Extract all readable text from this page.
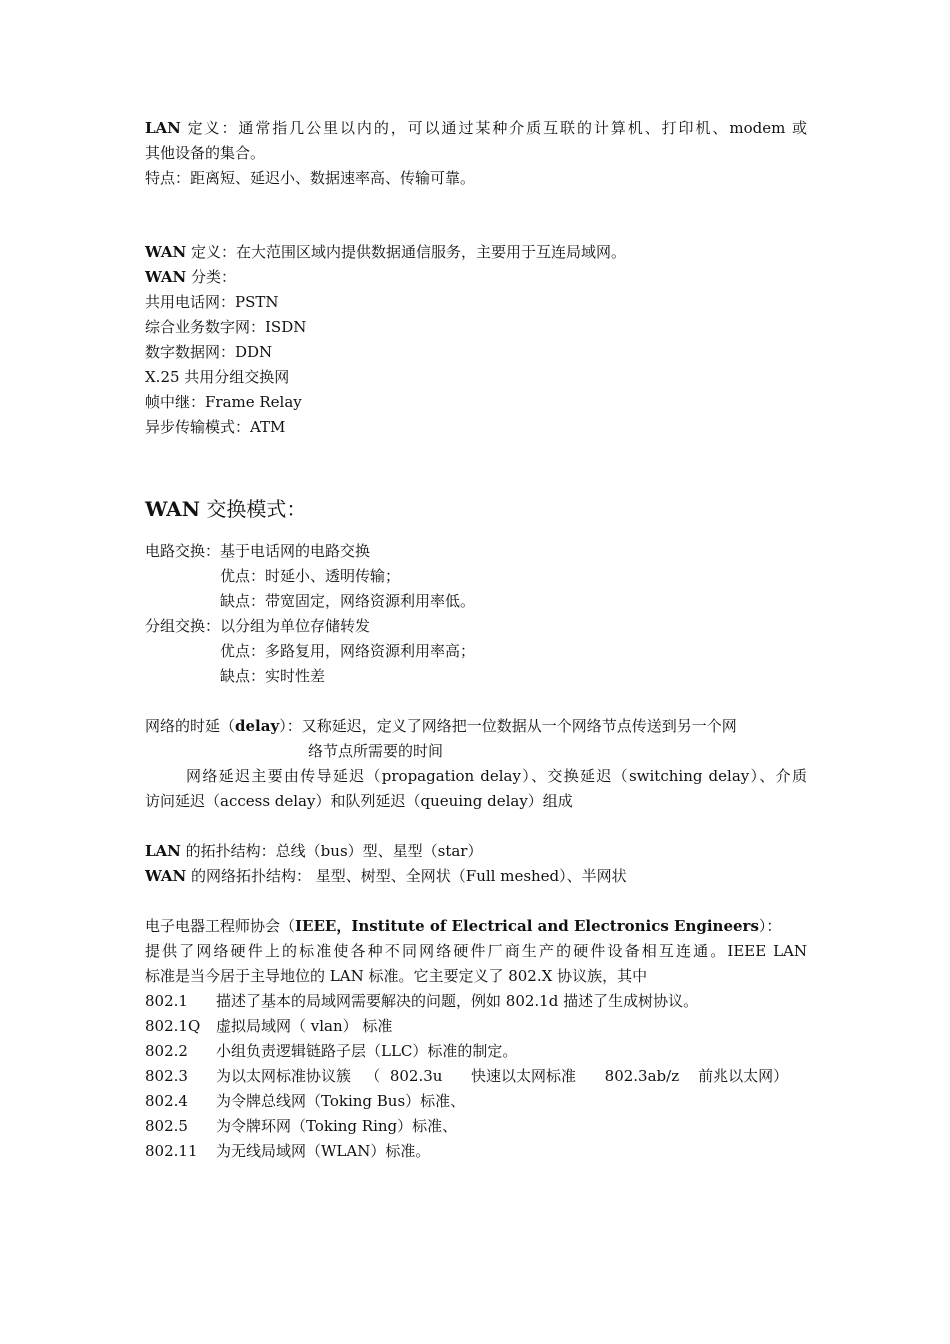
LAN 定义：通常指几公里以内的，可以通过某种介质互联的计算机、打印机、modem 或
其他设备的集合。
特点：距离短、延迟小、数据速率高、传输可靠。
WAN 定义：在大范围区域内提供数据通信服务，主要用于互连局域网。
WAN 分类：
共用电话网：PSTN
综合业务数字网：ISDN
数字数据网：DDN
X.25 共用分组交换网
帧中继：Frame Relay
异步传输模式：ATM
WAN 交换模式：
电路交换：基于电话网的电路交换
优点：时延小、透明传输；
缺点：带宽固定，网络资源利用率低。
分组交换：以分组为单位存储转发
优点：多路复用，网络资源利用率高；
缺点：实时性差
网络的时延（delay）：又称延迟，定义了网络把一位数据从一个网络节点传送到另一个网
络节点所需要的时间
网络延迟主要由传导延迟（propagation delay）、交换延迟（switching delay）、介质
访问延迟（access delay）和队列延迟（queuing delay）组成
LAN 的拓扑结构：总线（bus）型、星型（star）
WAN 的网络拓扑结构： 星型、树型、全网状（Full meshed）、半网状
电子电器工程师协会（IEEE，Institute of Electrical and Electronics Engineers）：
提供了网络硬件上的标准使各种不同网络硬件厂商生产的硬件设备相互连通。IEEE LAN
标准是当今居于主导地位的 LAN 标准。它主要定义了 802.X 协议族，其中
802.1 描述了基本的局域网需要解决的问题，例如 802.1d 描述了生成树协议。
802.1Q 虚拟局域网（ vlan） 标准
802.2 小组负责逻辑链路子层（LLC）标准的制定。
802.3 为以太网标准协议簇   （  802.3u      快速以太网标准      802.3ab/z    前兆以太网）
802.4 为令牌总线网（Toking Bus）标准、
802.5 为令牌环网（Toking Ring）标准、
802.11 为无线局域网（WLAN）标准。
